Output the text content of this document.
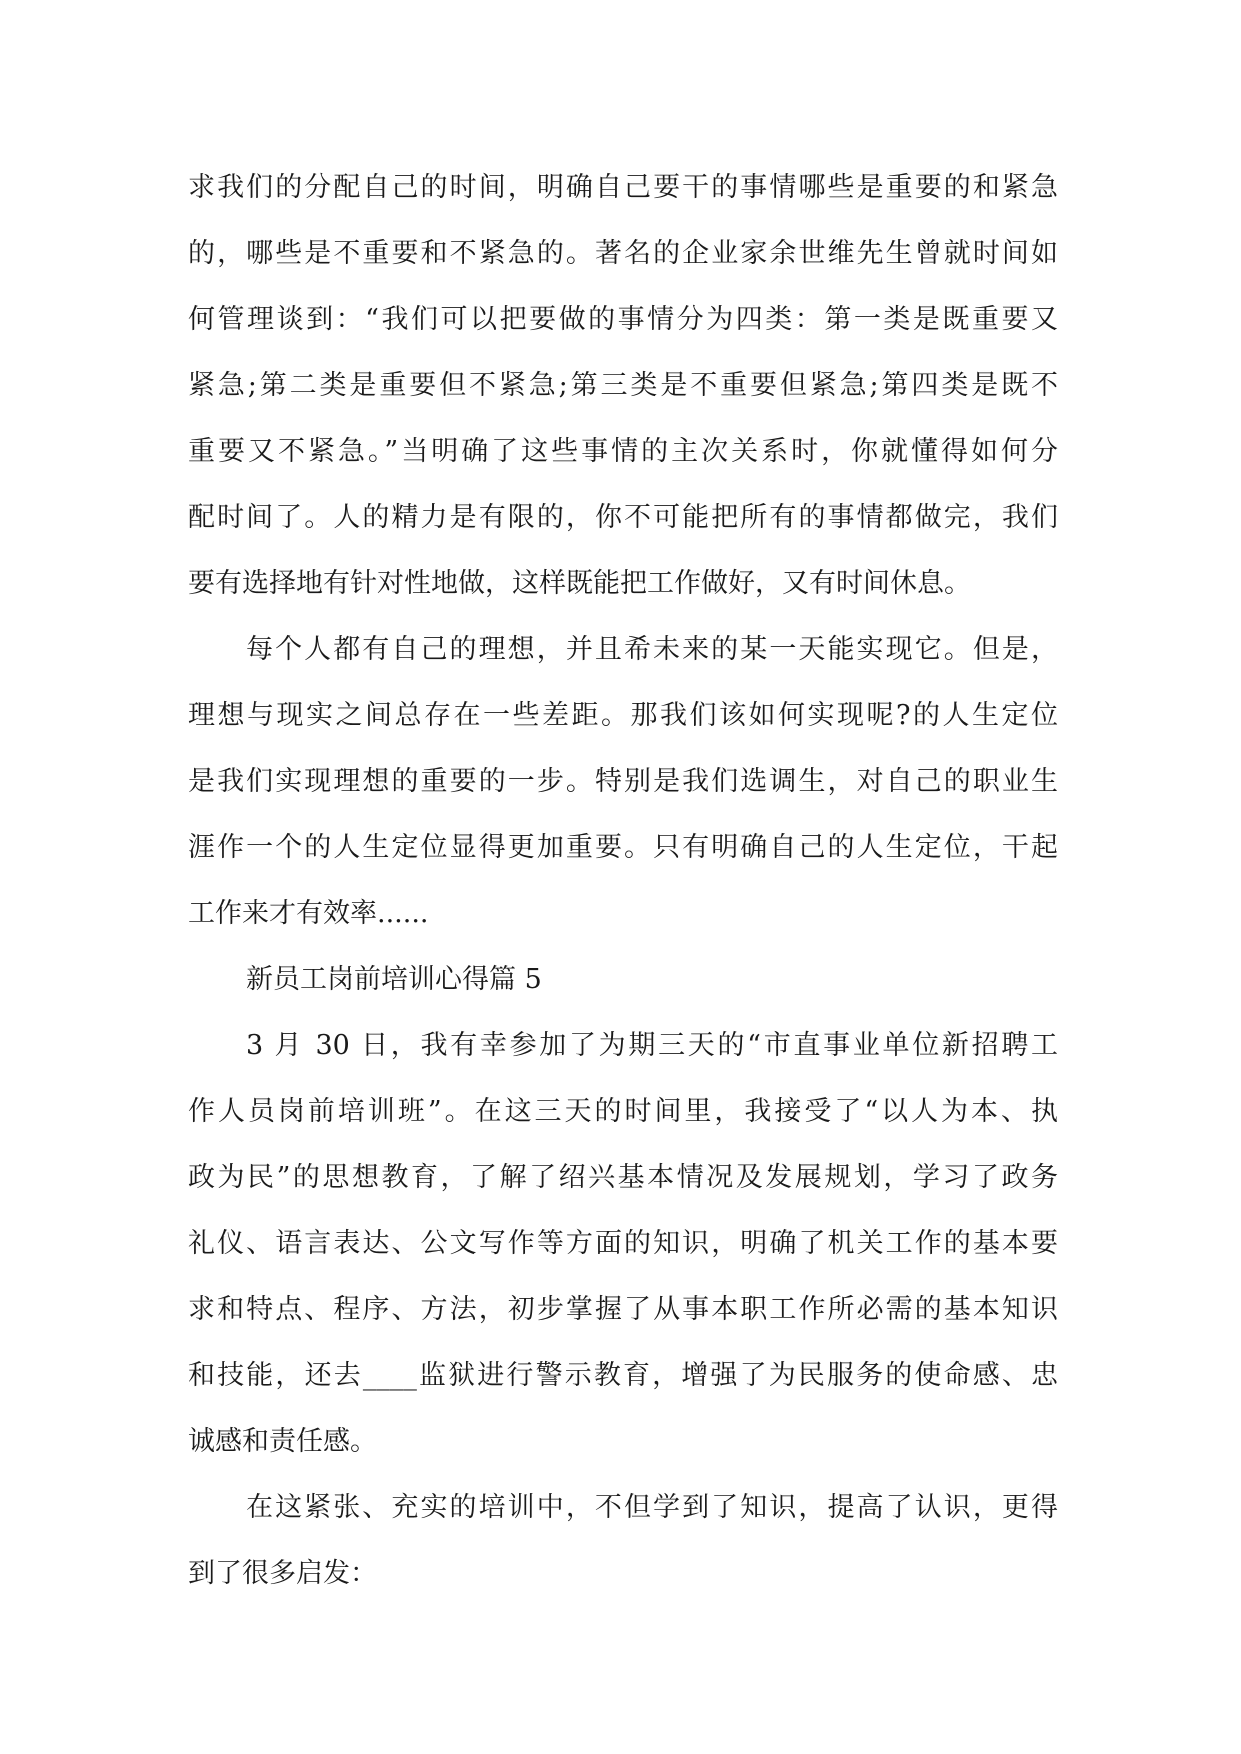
求我们的分配自己的时间，明确自己要干的事情哪些是重要的和紧急
的，哪些是不重要和不紧急的。著名的企业家余世维先生曾就时间如
何管理谈到：“我们可以把要做的事情分为四类：第一类是既重要又
紧急;第二类是重要但不紧急;第三类是不重要但紧急;第四类是既不
重要又不紧急。”当明确了这些事情的主次关系时，你就懂得如何分
配时间了。人的精力是有限的，你不可能把所有的事情都做完，我们
要有选择地有针对性地做，这样既能把工作做好，又有时间休息。
每个人都有自己的理想，并且希未来的某一天能实现它。但是，
理想与现实之间总存在一些差距。那我们该如何实现呢?的人生定位
是我们实现理想的重要的一步。特别是我们选调生，对自己的职业生
涯作一个的人生定位显得更加重要。只有明确自己的人生定位，干起
工作来才有效率......
新员工岗前培训心得篇 5
3 月 30 日，我有幸参加了为期三天的“市直事业单位新招聘工
作人员岗前培训班”。在这三天的时间里，我接受了“以人为本、执
政为民”的思想教育，了解了绍兴基本情况及发展规划，学习了政务
礼仪、语言表达、公文写作等方面的知识，明确了机关工作的基本要
求和特点、程序、方法，初步掌握了从事本职工作所必需的基本知识
和技能，还去____监狱进行警示教育，增强了为民服务的使命感、忠
诚感和责任感。
在这紧张、充实的培训中，不但学到了知识，提高了认识，更得
到了很多启发：
